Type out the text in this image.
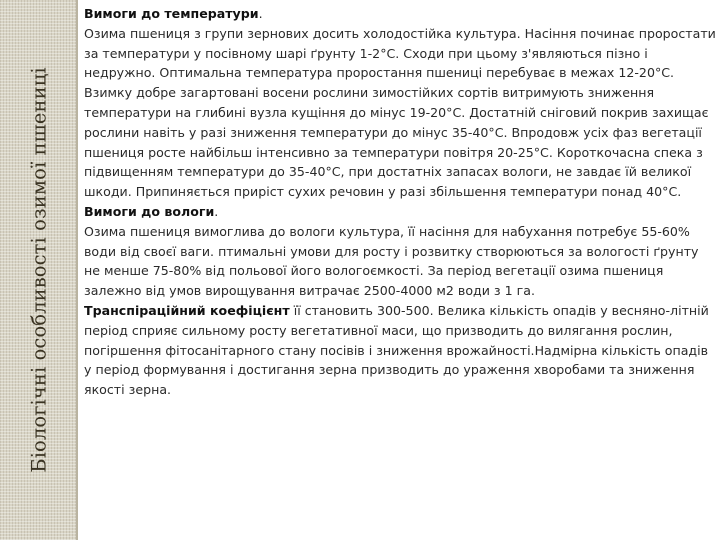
Біологічні особливості озимої пшениці

Вимоги до температури.

Озима пшениця з групи зернових досить холодостійка культура. Насіння починає проростати за температури у посівному шарі ґрунту 1-2°С. Сходи при цьому з'являються пізно і недружно. Оптимальна температура проростання пшениці перебуває в межах 12-20°С. Взимку добре загартовані восени рослини зимостійких сортів витримують зниження температури на глибині вузла кущіння до мінус 19-20°С. Достатній сніговий покрив захищає рослини навіть у разі зниження температури до мінус 35-40°С. Впродовж усіх фаз вегетації пшениця росте найбільш інтенсивно за температури повітря 20-25°С. Короткочасна спека з підвищенням температури до 35-40°С, при достатніх запасах вологи, не завдає їй великої шкоди. Припиняється приріст сухих речовин у разі збільшення температури понад 40°С.

Вимоги до вологи.

Озима пшениця вимоглива до вологи культура, її насіння для набухання потребує 55-60% води від своєї ваги. птимальні умови для росту і розвитку створюються за вологості ґрунту не менше 75-80% від польової його вологоємкості. За період вегетації озима пшениця залежно від умов вирощування витрачає 2500-4000 м2 води з 1 га.

Транспіраційний коефіцієнт її становить 300-500. Велика кількість опадів у весняно-літній період сприяє сильному росту вегетативної маси, що призводить до вилягання рослин, погіршення фітосанітарного стану посівів і зниження врожайності.Надмірна кількість опадів у період формування і достигання зерна призводить до ураження хворобами та зниження якості зерна.
